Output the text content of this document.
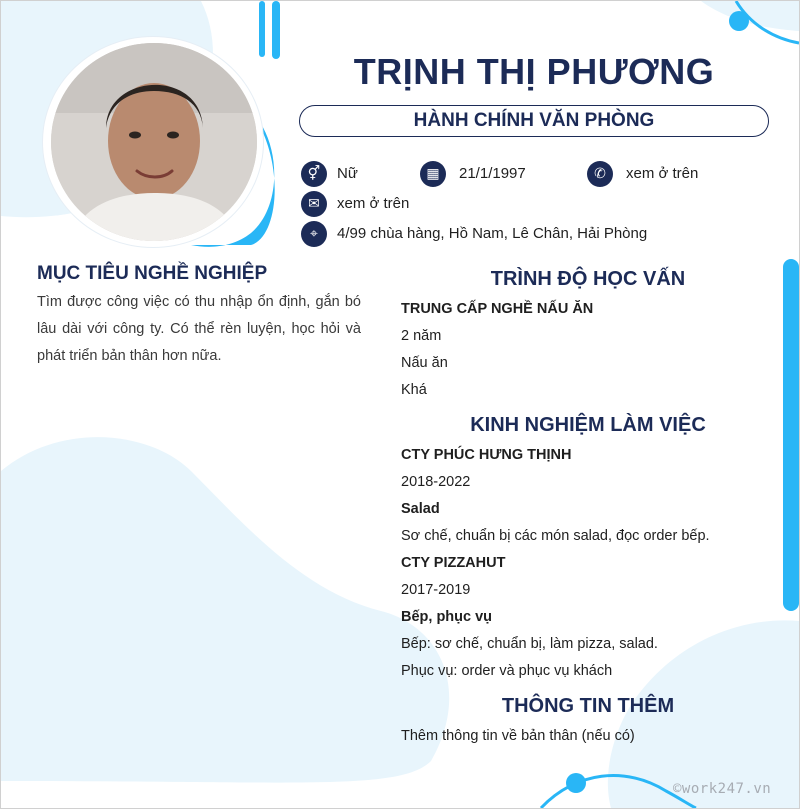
TRỊNH THỊ PHƯƠNG
HÀNH CHÍNH VĂN PHÒNG
⚥	Nữ	▦	21/1/1997	✆	xem ở trên
✉	xem ở trên
⌖	4/99 chùa hàng, Hồ Nam, Lê Chân, Hải Phòng
MỤC TIÊU NGHỀ NGHIỆP
Tìm được công việc có thu nhập ổn định, gắn bó lâu dài với công ty. Có thể rèn luyện, học hỏi và phát triển bản thân hơn nữa.
TRÌNH ĐỘ HỌC VẤN
TRUNG CẤP NGHỀ NẤU ĂN
2 năm
Nấu ăn
Khá
KINH NGHIỆM LÀM VIỆC
CTY PHÚC HƯNG THỊNH
2018-2022
Salad
Sơ chế, chuẩn bị các món salad, đọc order bếp.
CTY PIZZAHUT
2017-2019
Bếp, phục vụ
Bếp: sơ chế, chuẩn bị, làm pizza, salad.
Phục vụ: order và phục vụ khách
THÔNG TIN THÊM
Thêm thông tin về bản thân (nếu có)
©work247.vn
